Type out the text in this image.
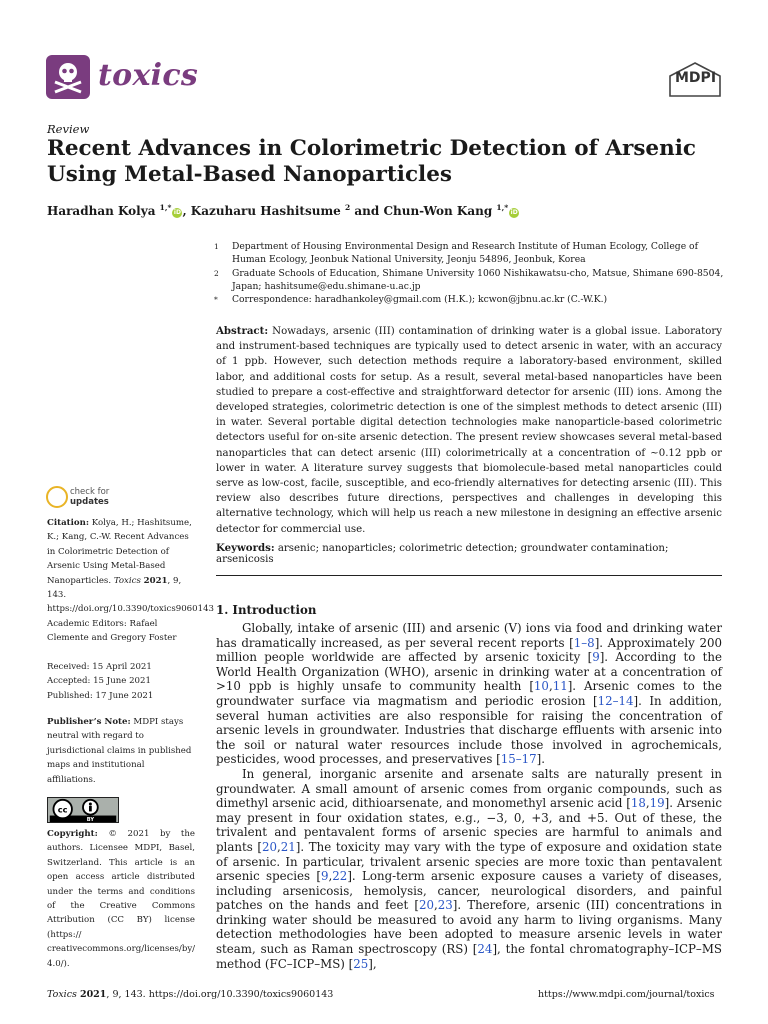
toxics	MDPI
Review
Recent Advances in Colorimetric Detection of Arsenic Using Metal-Based Nanoparticles
Haradhan Kolya $^{1,*}$iD, Kazuharu Hashitsume $^2$ and Chun-Won Kang $^{1,*}$iD
1	Department of Housing Environmental Design and Research Institute of Human Ecology, College of Human Ecology, Jeonbuk National University, Jeonju 54896, Jeonbuk, Korea
2	Graduate Schools of Education, Shimane University 1060 Nishikawatsu-cho, Matsue, Shimane 690-8504, Japan; hashitsume@edu.shimane-u.ac.jp
*	Correspondence: haradhankoley@gmail.com (H.K.); kcwon@jbnu.ac.kr (C.-W.K.)
Abstract: Nowadays, arsenic (III) contamination of drinking water is a global issue. Laboratory and instrument-based techniques are typically used to detect arsenic in water, with an accuracy of 1 ppb. However, such detection methods require a laboratory-based environment, skilled labor, and additional costs for setup. As a result, several metal-based nanoparticles have been studied to prepare a cost-effective and straightforward detector for arsenic (III) ions. Among the developed strategies, colorimetric detection is one of the simplest methods to detect arsenic (III) in water. Several portable digital detection technologies make nanoparticle-based colorimetric detectors useful for on-site arsenic detection. The present review showcases several metal-based nanoparticles that can detect arsenic (III) colorimetrically at a concentration of ~0.12 ppb or lower in water. A literature survey suggests that biomolecule-based metal nanoparticles could serve as low-cost, facile, susceptible, and eco-friendly alternatives for detecting arsenic (III). This review also describes future directions, perspectives and challenges in developing this alternative technology, which will help us reach a new milestone in designing an effective arsenic detector for commercial use.
Keywords: arsenic; nanoparticles; colorimetric detection; groundwater contamination; arsenicosis
check for
updates
Citation: Kolya, H.; Hashitsume, K.; Kang, C.-W. Recent Advances in Colorimetric Detection of Arsenic Using Metal-Based Nanoparticles. Toxics 2021, 9, 143. https://doi.org/10.3390/toxics9060143
Academic Editors: Rafael Clemente and Gregory Foster
Received: 15 April 2021
Accepted: 15 June 2021
Published: 17 June 2021
Publisher’s Note: MDPI stays neutral with regard to jurisdictional claims in published maps and institutional affiliations.
cc
BY
Copyright: © 2021 by the authors. Licensee MDPI, Basel, Switzerland. This article is an open access article distributed under the terms and conditions of the Creative Commons Attribution (CC BY) license (https:// creativecommons.org/licenses/by/ 4.0/).
1. Introduction

Globally, intake of arsenic (III) and arsenic (V) ions via food and drinking water has dramatically increased, as per several recent reports [1–8]. Approximately 200 million people worldwide are affected by arsenic toxicity [9]. According to the World Health Organization (WHO), arsenic in drinking water at a concentration of >10 ppb is highly unsafe to community health [10,11]. Arsenic comes to the groundwater surface via magmatism and periodic erosion [12–14]. In addition, several human activities are also responsible for raising the concentration of arsenic levels in groundwater. Industries that discharge effluents with arsenic into the soil or natural water resources include those involved in agrochemicals, pesticides, wood processes, and preservatives [15–17].

In general, inorganic arsenite and arsenate salts are naturally present in groundwater. A small amount of arsenic comes from organic compounds, such as dimethyl arsenic acid, dithioarsenate, and monomethyl arsenic acid [18,19]. Arsenic may present in four oxidation states, e.g., −3, 0, +3, and +5. Out of these, the trivalent and pentavalent forms of arsenic species are harmful to animals and plants [20,21]. The toxicity may vary with the type of exposure and oxidation state of arsenic. In particular, trivalent arsenic species are more toxic than pentavalent arsenic species [9,22]. Long-term arsenic exposure causes a variety of diseases, including arsenicosis, hemolysis, cancer, neurological disorders, and painful patches on the hands and feet [20,23]. Therefore, arsenic (III) concentrations in drinking water should be measured to avoid any harm to living organisms. Many detection methodologies have been adopted to measure arsenic levels in water steam, such as Raman spectroscopy (RS) [24], the fontal chromatography–ICP–MS method (FC–ICP–MS) [25],

Toxics 2021, 9, 143. https://doi.org/10.3390/toxics9060143	https://www.mdpi.com/journal/toxics
